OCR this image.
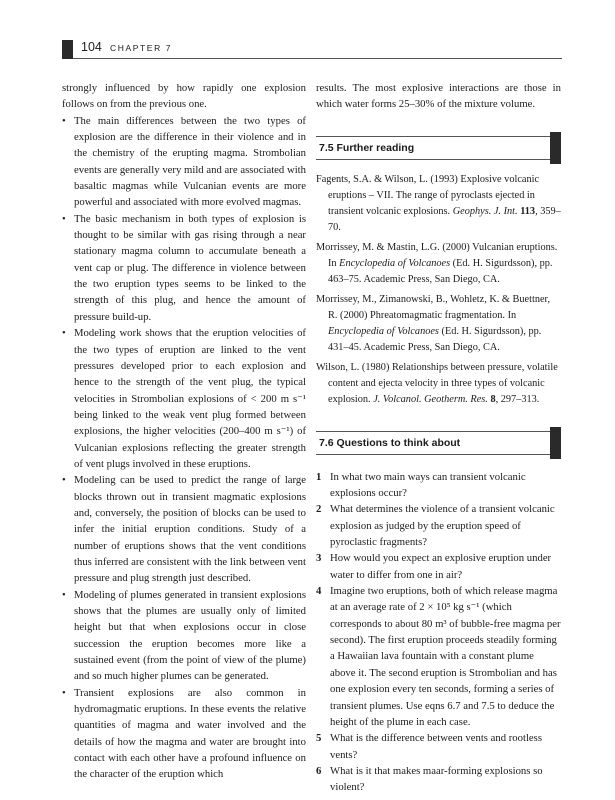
104 CHAPTER 7

strongly influenced by how rapidly one explosion follows on from the previous one.

• The main differences between the two types of explosion are the difference in their violence and in the chemistry of the erupting magma. Strombolian events are generally very mild and are associated with basaltic magmas while Vulcanian events are more powerful and associated with more evolved magmas.
• The basic mechanism in both types of explosion is thought to be similar with gas rising through a near stationary magma column to accumulate beneath a vent cap or plug. The difference in violence between the two eruption types seems to be linked to the strength of this plug, and hence the amount of pressure build-up.
• Modeling work shows that the eruption velocities of the two types of eruption are linked to the vent pressures developed prior to each explosion and hence to the strength of the vent plug, the typical velocities in Strombolian explosions of < 200 m s⁻¹ being linked to the weak vent plug formed between explosions, the higher velocities (200–400 m s⁻¹) of Vulcanian explosions reflecting the greater strength of vent plugs involved in these eruptions.
• Modeling can be used to predict the range of large blocks thrown out in transient magmatic explosions and, conversely, the position of blocks can be used to infer the initial eruption conditions. Study of a number of eruptions shows that the vent conditions thus inferred are consistent with the link between vent pressure and plug strength just described.
• Modeling of plumes generated in transient explosions shows that the plumes are usually only of limited height but that when explosions occur in close succession the eruption becomes more like a sustained event (from the point of view of the plume) and so much higher plumes can be generated.
• Transient explosions are also common in hydromagmatic eruptions. In these events the relative quantities of magma and water involved and the details of how the magma and water are brought into contact with each other have a profound influence on the character of the eruption which

results. The most explosive interactions are those in which water forms 25–30% of the mixture volume.

7.5 Further reading
Fagents, S.A. & Wilson, L. (1993) Explosive volcanic eruptions – VII. The range of pyroclasts ejected in transient volcanic explosions. Geophys. J. Int. 113, 359–70.
Morrissey, M. & Mastin, L.G. (2000) Vulcanian eruptions. In Encyclopedia of Volcanoes (Ed. H. Sigurdsson), pp. 463–75. Academic Press, San Diego, CA.
Morrissey, M., Zimanowski, B., Wohletz, K. & Buettner, R. (2000) Phreatomagmatic fragmentation. In Encyclopedia of Volcanoes (Ed. H. Sigurdsson), pp. 431–45. Academic Press, San Diego, CA.
Wilson, L. (1980) Relationships between pressure, volatile content and ejecta velocity in three types of volcanic explosion. J. Volcanol. Geotherm. Res. 8, 297–313.
7.6 Questions to think about
1 In what two main ways can transient volcanic explosions occur?
2 What determines the violence of a transient volcanic explosion as judged by the eruption speed of pyroclastic fragments?
3 How would you expect an explosive eruption under water to differ from one in air?
4 Imagine two eruptions, both of which release magma at an average rate of 2 × 10⁵ kg s⁻¹ (which corresponds to about 80 m³ of bubble-free magma per second). The first eruption proceeds steadily forming a Hawaiian lava fountain with a constant plume above it. The second eruption is Strombolian and has one explosion every ten seconds, forming a series of transient plumes. Use eqns 6.7 and 7.5 to deduce the height of the plume in each case.
5 What is the difference between vents and rootless vents?
6 What is it that makes maar-forming explosions so violent?
